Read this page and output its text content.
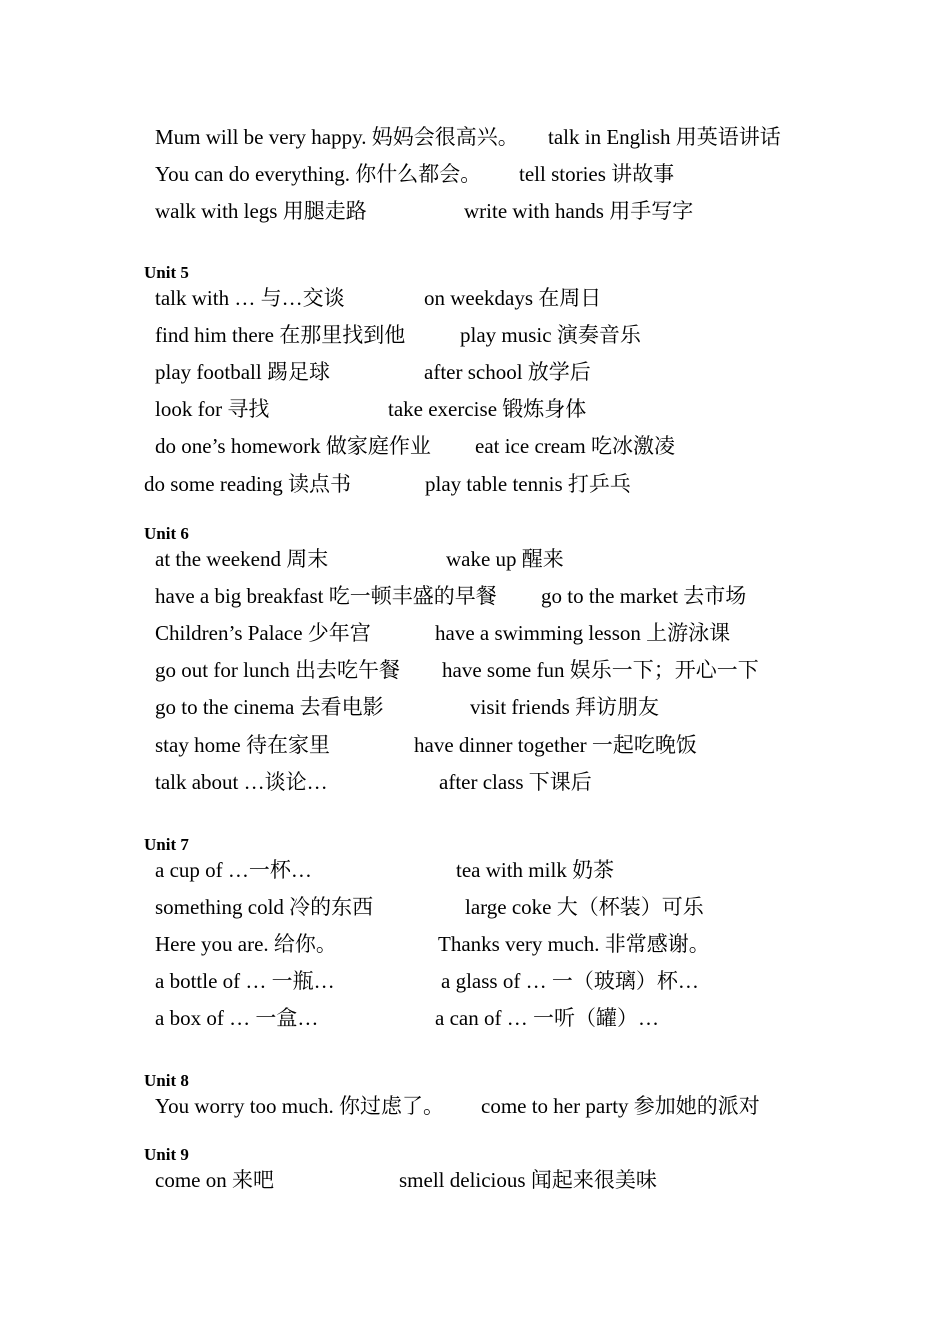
Mum will be very happy. 妈妈会很高兴。 talk in English 用英语讲话
You can do everything. 你什么都会。 tell stories 讲故事
walk with legs 用腿走路	write with hands 用手写字
Unit 5
talk with … 与…交谈	on weekdays 在周日
find him there 在那里找到他	play music 演奏音乐
play football 踢足球	after school 放学后
look for 寻找	take exercise 锻炼身体
do one’s homework 做家庭作业 eat ice cream 吃冰激凌
do some reading 读点书	play table tennis 打乒乓
Unit 6
at the weekend 周末	wake up 醒来
have a big breakfast 吃一顿丰盛的早餐 go to the market 去市场
Children’s Palace 少年宫	have a swimming lesson 上游泳课
go out for lunch 出去吃午餐 have some fun 娱乐一下；开心一下
go to the cinema 去看电影	visit friends 拜访朋友
stay home 待在家里	have dinner together 一起吃晚饭
talk about …谈论…	after class 下课后
Unit 7
a cup of …一杯…	tea with milk 奶茶
something cold 冷的东西	large coke 大（杯装）可乐
Here you are. 给你。	Thanks very much. 非常感谢。
a bottle of … 一瓶…	a glass of … 一（玻璃）杯…
a box of … 一盒…	a can of … 一听（罐）…
Unit 8
You worry too much. 你过虑了。 come to her party 参加她的派对
Unit 9
come on 来吧	smell delicious 闻起来很美味
